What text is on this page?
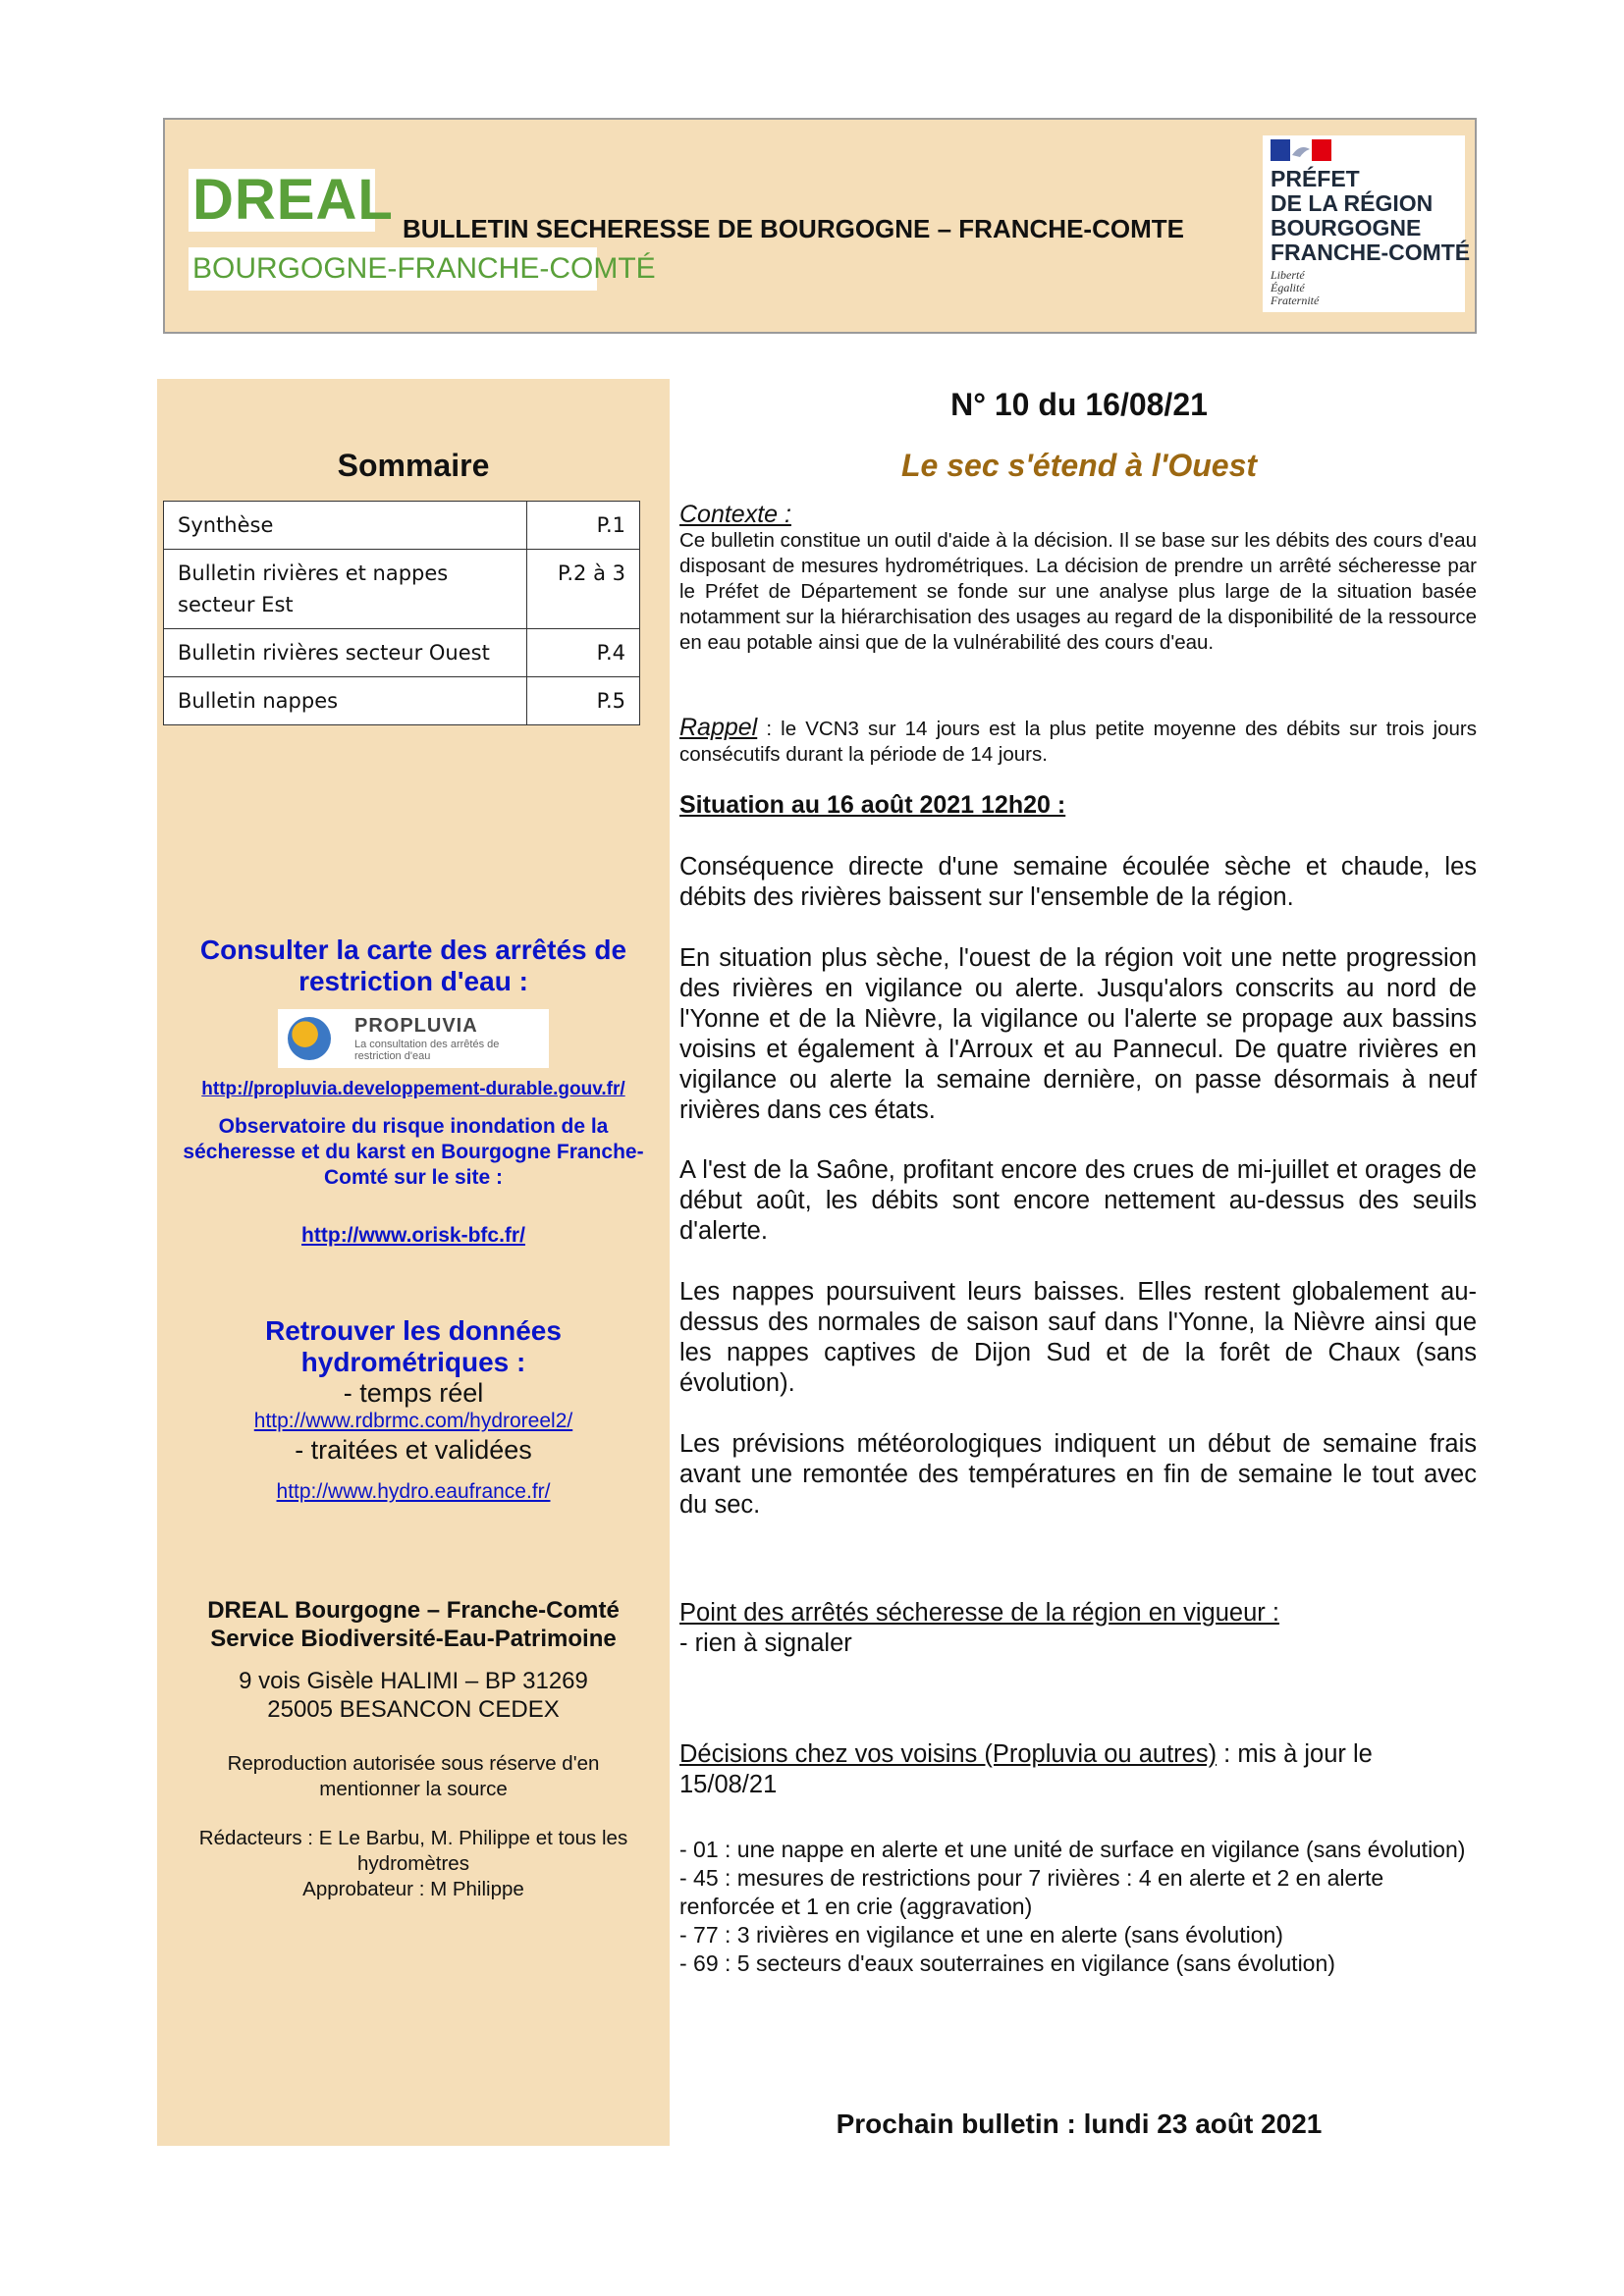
DREAL
BOURGOGNE-FRANCHE-COMTÉ
BULLETIN SECHERESSE DE BOURGOGNE – FRANCHE-COMTE
PRÉFET
DE LA RÉGION
BOURGOGNE
FRANCHE-COMTÉ
Liberté
Égalité
Fraternité
Sommaire
Synthèse	P.1
Bulletin rivières et nappes secteur Est	P.2 à 3
Bulletin rivières secteur Ouest	P.4
Bulletin nappes	P.5
Consulter la carte des arrêtés de restriction d'eau :
PROPLUVIA
La consultation des arrêtés de restriction d'eau
http://propluvia.developpement-durable.gouv.fr/
Observatoire du risque inondation de la sécheresse et du karst en Bourgogne Franche-Comté sur le site :
http://www.orisk-bfc.fr/
Retrouver les données hydrométriques :
- temps réel
http://www.rdbrmc.com/hydroreel2/
- traitées et validées
http://www.hydro.eaufrance.fr/
DREAL Bourgogne – Franche-Comté
Service Biodiversité-Eau-Patrimoine
9 vois Gisèle HALIMI – BP 31269
25005 BESANCON CEDEX
Reproduction autorisée sous réserve d'en mentionner la source
Rédacteurs : E Le Barbu, M. Philippe et tous les hydromètres
Approbateur : M Philippe
N° 10 du 16/08/21
Le sec s'étend à l'Ouest
Contexte :
Ce bulletin constitue un outil d'aide à la décision. Il se base sur les débits des cours d'eau disposant de mesures hydrométriques. La décision de prendre un arrêté sécheresse par le Préfet de Département se fonde sur une analyse plus large de la situation basée notamment sur la hiérarchisation des usages au regard de la disponibilité de la ressource en eau potable ainsi que de la vulnérabilité des cours d'eau.
Rappel : le VCN3 sur 14 jours est la plus petite moyenne des débits sur trois jours consécutifs durant la période de 14 jours.
Situation au 16 août 2021 12h20 :
Conséquence directe d'une semaine écoulée sèche et chaude, les débits des rivières baissent sur l'ensemble de la région.
En situation plus sèche, l'ouest de la région voit une nette progression des rivières en vigilance ou alerte. Jusqu'alors conscrits au nord de l'Yonne et de la Nièvre, la vigilance ou l'alerte se propage aux bassins voisins et également à l'Arroux et au Pannecul. De quatre rivières en vigilance ou alerte la semaine dernière, on passe désormais à neuf rivières dans ces états.
A l'est de la Saône, profitant encore des crues de mi-juillet et orages de début août, les débits sont encore nettement au-dessus des seuils d'alerte.
Les nappes poursuivent leurs baisses. Elles restent globalement au-dessus des normales de saison sauf dans l'Yonne, la Nièvre ainsi que les nappes captives de Dijon Sud et de la forêt de Chaux (sans évolution).
Les prévisions météorologiques indiquent un début de semaine frais avant une remontée des températures en fin de semaine le tout avec du sec.
Point des arrêtés sécheresse de la région en vigueur :
- rien à signaler
Décisions chez vos voisins (Propluvia ou autres) : mis à jour le 15/08/21
- 01 : une nappe en alerte et une unité de surface en vigilance (sans évolution)
- 45 : mesures de restrictions pour 7 rivières : 4 en alerte et 2 en alerte renforcée et 1 en crie (aggravation)
- 77 : 3 rivières en vigilance et une en alerte (sans évolution)
- 69 : 5 secteurs d'eaux souterraines en vigilance (sans évolution)
Prochain bulletin : lundi 23 août 2021
